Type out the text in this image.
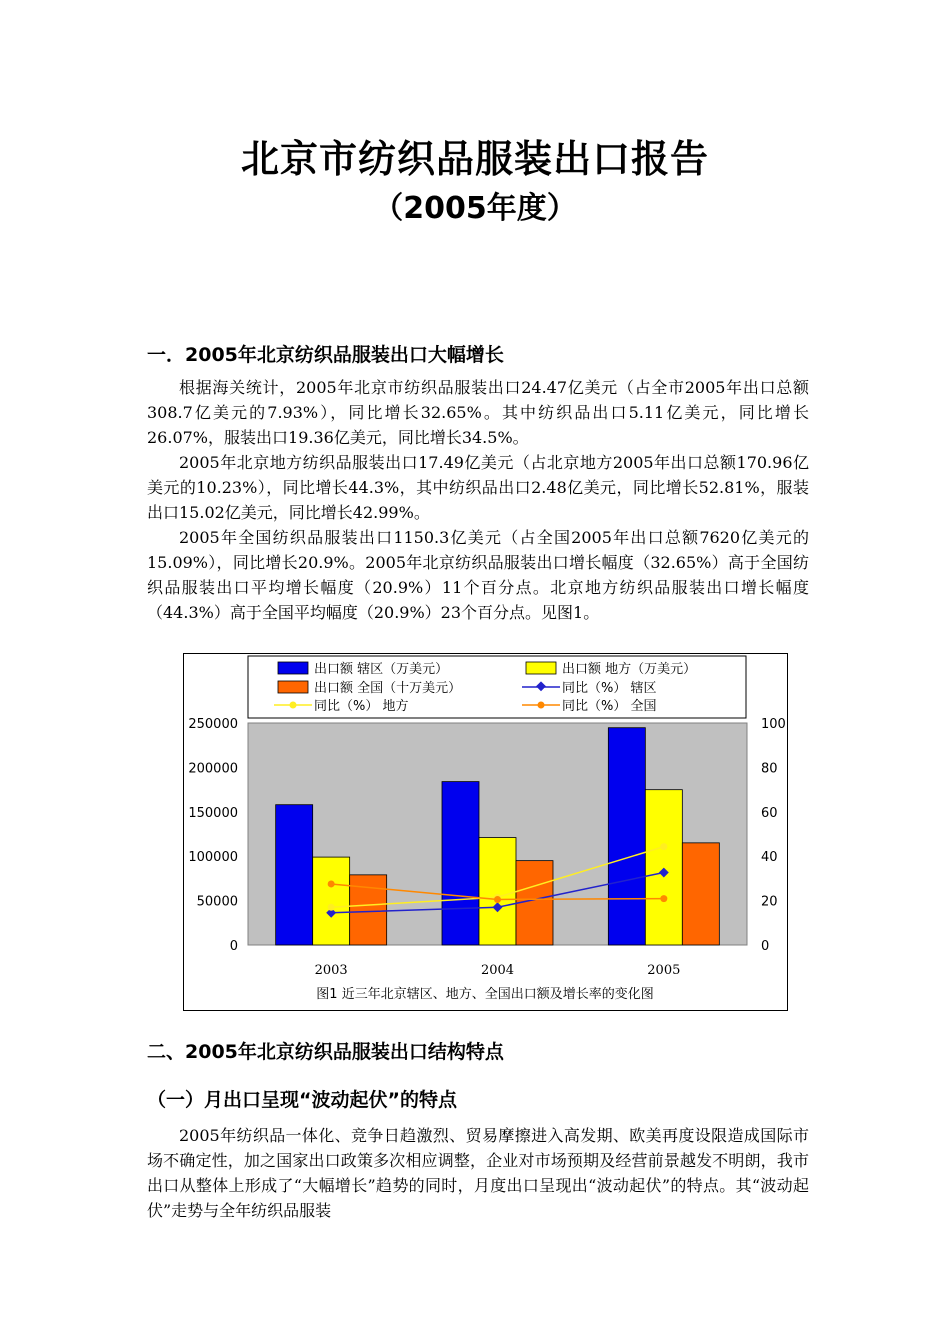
北京市纺织品服装出口报告
（2005年度）
一．2005年北京纺织品服装出口大幅增长

根据海关统计，2005年北京市纺织品服装出口24.47亿美元（占全市2005年出口总额308.7亿美元的7.93%），同比增长32.65%。其中纺织品出口5.11亿美元，同比增长26.07%，服装出口19.36亿美元，同比增长34.5%。

2005年北京地方纺织品服装出口17.49亿美元（占北京地方2005年出口总额170.96亿美元的10.23%），同比增长44.3%，其中纺织品出口2.48亿美元，同比增长52.81%，服装出口15.02亿美元，同比增长42.99%。

2005年全国纺织品服装出口1150.3亿美元（占全国2005年出口总额7620亿美元的15.09%），同比增长20.9%。2005年北京纺织品服装出口增长幅度（32.65%）高于全国纺织品服装出口平均增长幅度（20.9%）11个百分点。北京地方纺织品服装出口增长幅度（44.3%）高于全国平均幅度（20.9%）23个百分点。见图1。

出口额 辖区（万美元）	出口额 地方（万美元）
出口额 全国（十万美元）	同比（%） 辖区
同比（%） 地方	同比（%） 全国
250000
200000
150000
100000
50000
0
100
80
60
40
20
0
2003	2004	2005
图1 近三年北京辖区、地方、全国出口额及增长率的变化图
二、2005年北京纺织品服装出口结构特点
（一）月出口呈现“波动起伏”的特点

2005年纺织品一体化、竞争日趋激烈、贸易摩擦进入高发期、欧美再度设限造成国际市场不确定性，加之国家出口政策多次相应调整，企业对市场预期及经营前景越发不明朗，我市出口从整体上形成了“大幅增长”趋势的同时，月度出口呈现出“波动起伏”的特点。其“波动起伏”走势与全年纺织品服装
